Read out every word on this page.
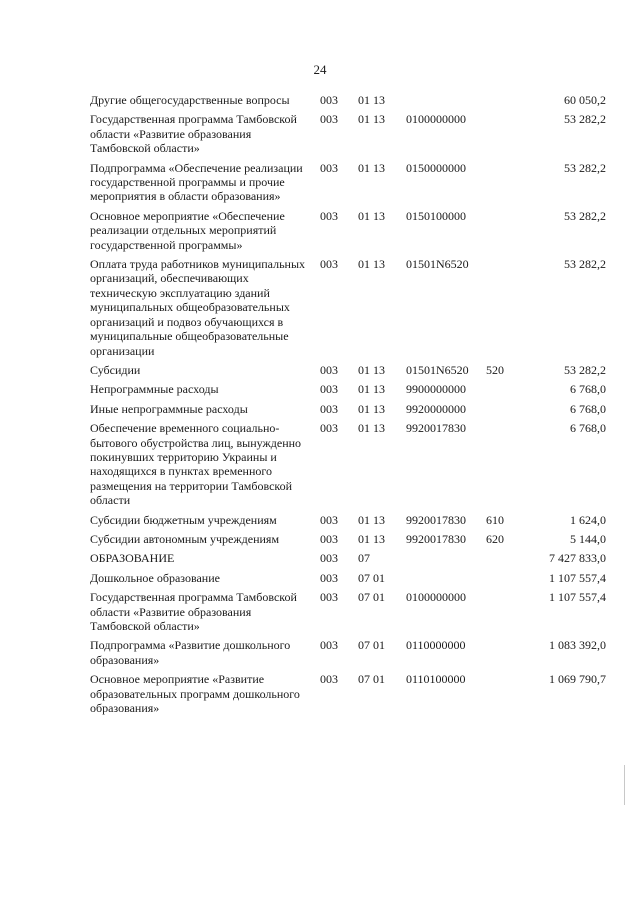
24
Другие общегосударственные вопросы	003	01 13			60 050,2

Государственная программа Тамбовской области «Развитие образования Тамбовской области»	003	01 13	0100000000		53 282,2

Подпрограмма «Обеспечение реализации государственной программы и прочие мероприятия в области образования»	003	01 13	0150000000		53 282,2

Основное мероприятие «Обеспечение реализации отдельных мероприятий государственной программы»	003	01 13	0150100000		53 282,2

Оплата труда работников муниципальных организаций, обеспечивающих техническую эксплуатацию зданий муниципальных общеобразовательных организаций и подвоз обучающихся в муниципальные общеобразовательные организации	003	01 13	01501N6520		53 282,2

Субсидии	003	01 13	01501N6520	520	53 282,2

Непрограммные расходы	003	01 13	9900000000		6 768,0

Иные непрограммные расходы	003	01 13	9920000000		6 768,0

Обеспечение временного социально-бытового обустройства лиц, вынужденно покинувших территорию Украины и находящихся в пунктах временного размещения на территории Тамбовской области	003	01 13	9920017830		6 768,0

Субсидии бюджетным учреждениям	003	01 13	9920017830	610	1 624,0

Субсидии автономным учреждениям	003	01 13	9920017830	620	5 144,0

ОБРАЗОВАНИЕ	003	07			7 427 833,0

Дошкольное образование	003	07 01			1 107 557,4

Государственная программа Тамбовской области «Развитие образования Тамбовской области»	003	07 01	0100000000		1 107 557,4

Подпрограмма «Развитие дошкольного образования»	003	07 01	0110000000		1 083 392,0

Основное мероприятие «Развитие образовательных программ дошкольного образования»	003	07 01	0110100000		1 069 790,7
